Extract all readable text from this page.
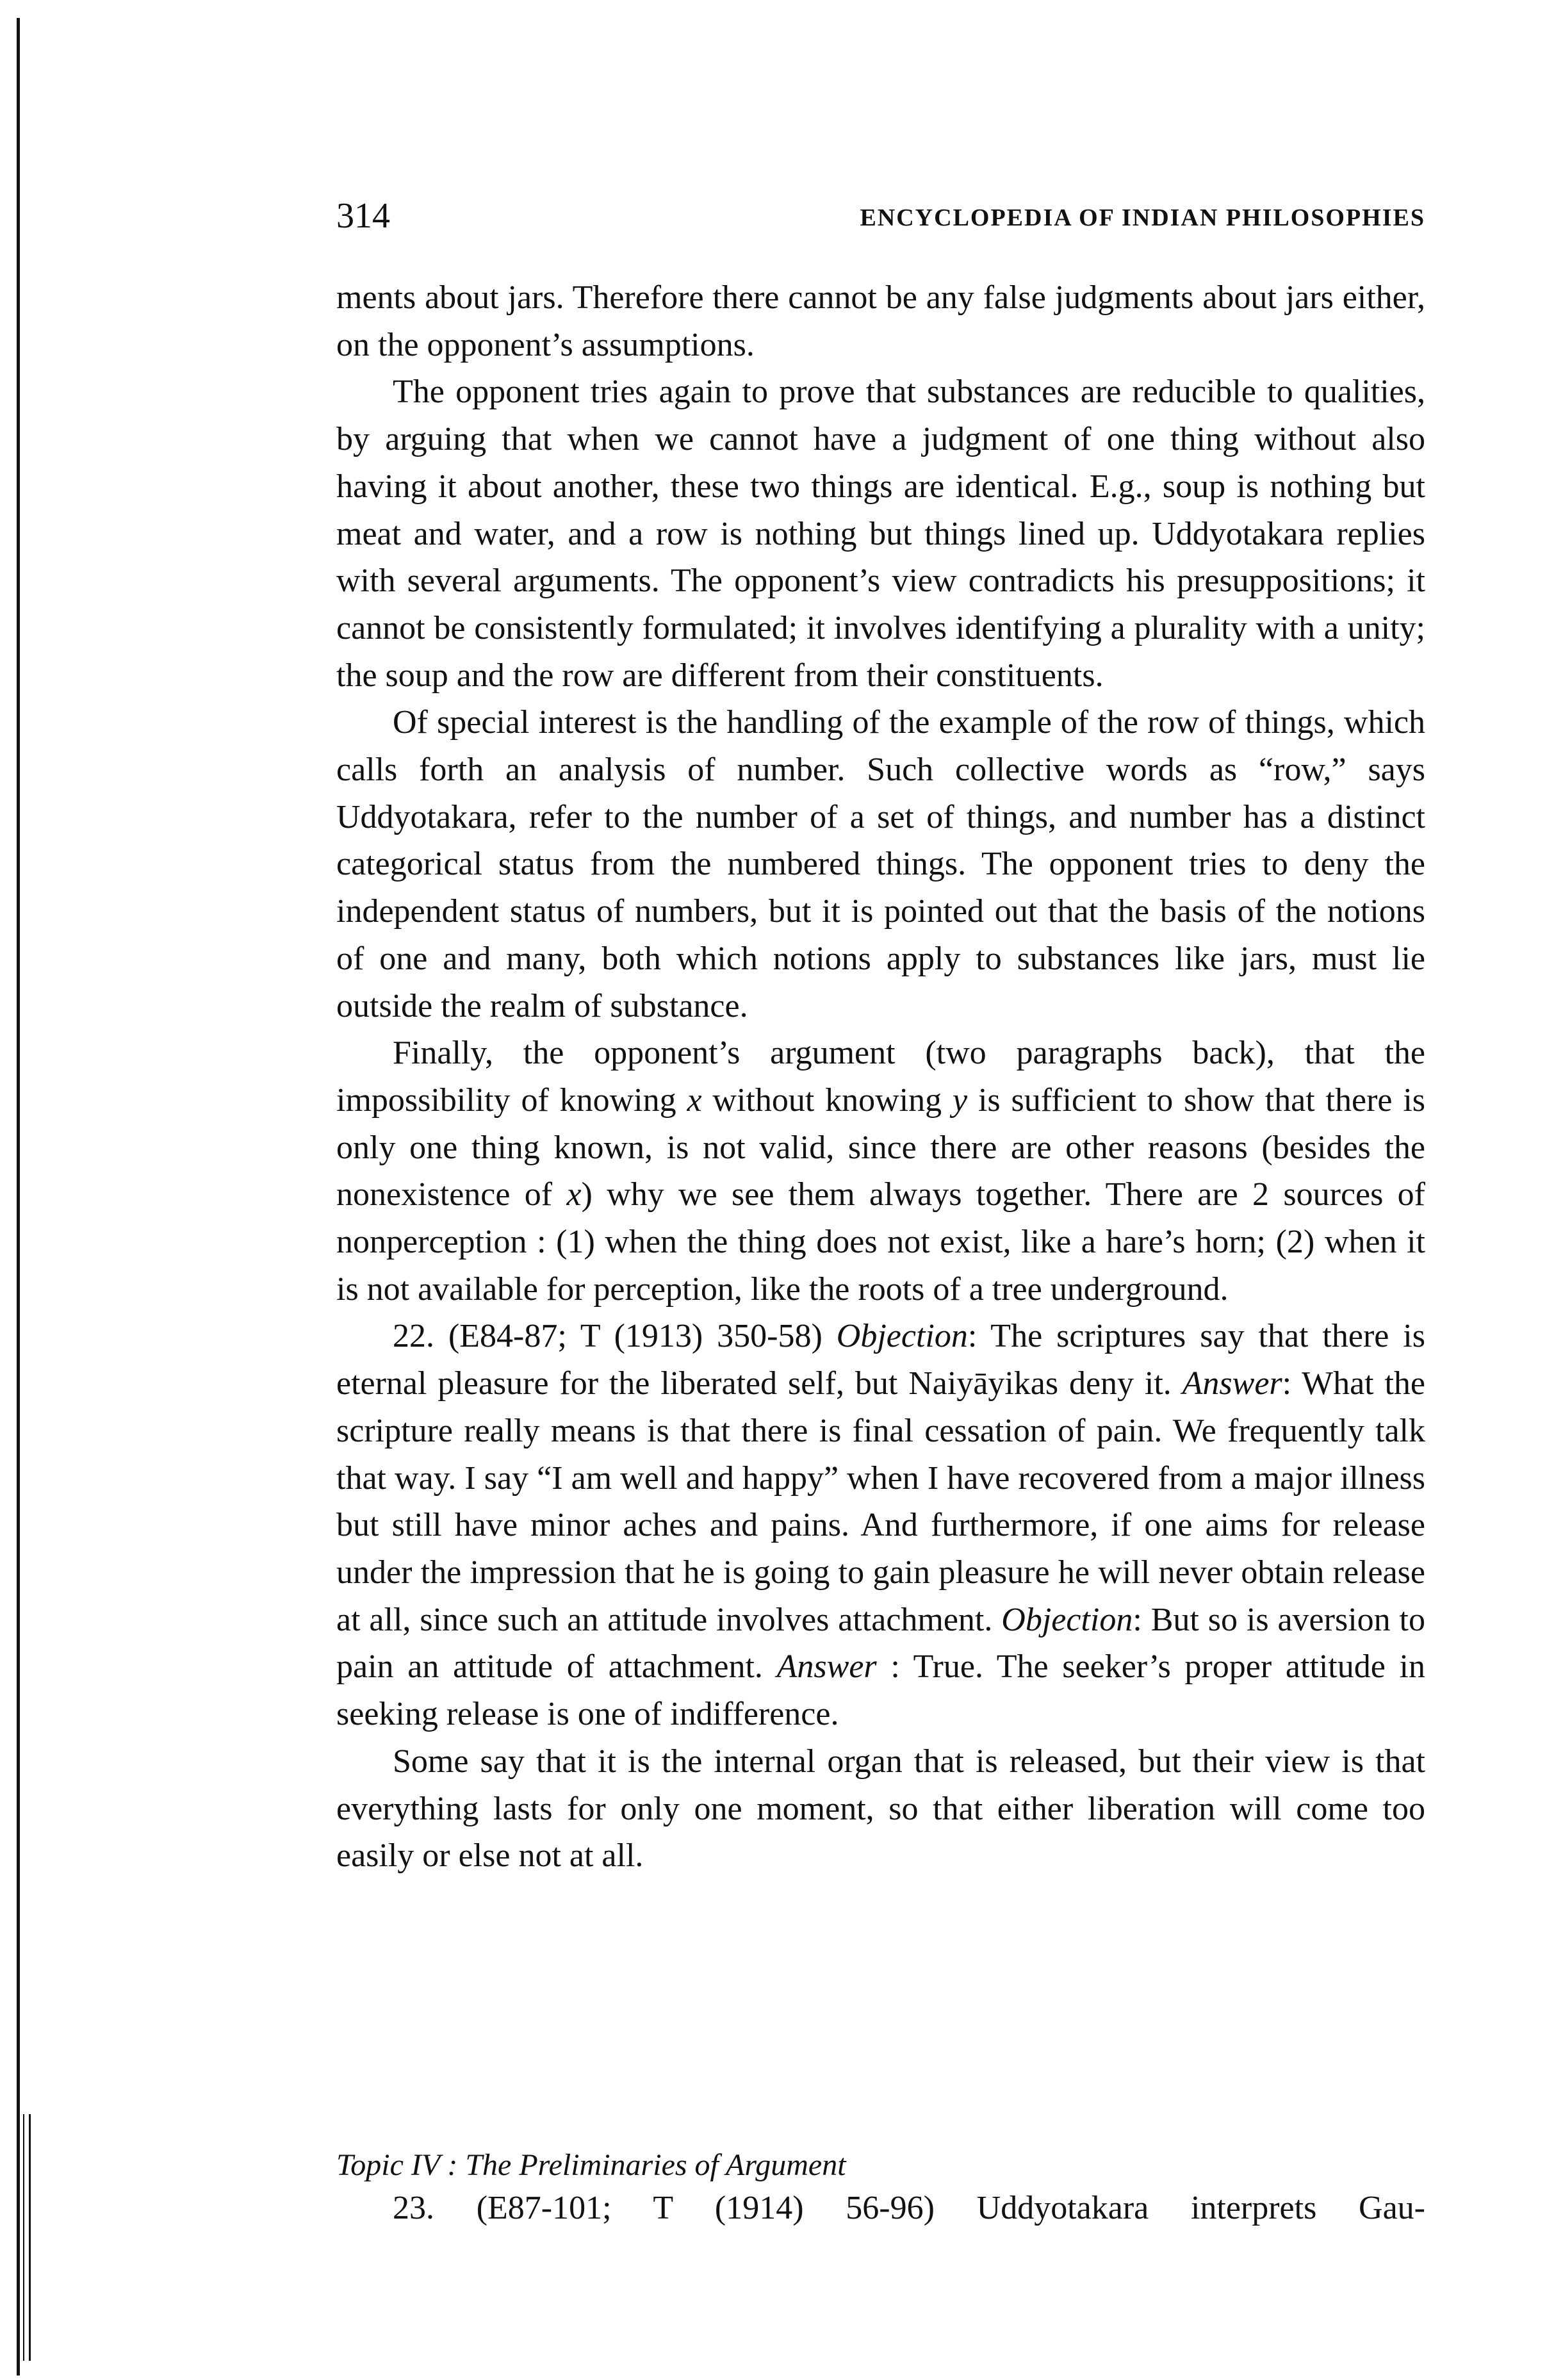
314	ENCYCLOPEDIA OF INDIAN PHILOSOPHIES

ments about jars. Therefore there cannot be any false judgments about jars either, on the opponent’s assumptions.

The opponent tries again to prove that substances are reducible to qualities, by arguing that when we cannot have a judgment of one thing without also having it about another, these two things are identical. E.g., soup is nothing but meat and water, and a row is nothing but things lined up. Uddyotakara replies with several arguments. The opponent’s view contradicts his presuppositions; it cannot be consistently formulated; it involves identifying a plurality with a unity; the soup and the row are different from their constituents.

Of special interest is the handling of the example of the row of things, which calls forth an analysis of number. Such collective words as “row,” says Uddyotakara, refer to the number of a set of things, and number has a distinct categorical status from the numbered things. The opponent tries to deny the independent status of numbers, but it is pointed out that the basis of the notions of one and many, both which notions apply to substances like jars, must lie outside the realm of substance.

Finally, the opponent’s argument (two paragraphs back), that the impossibility of knowing x without knowing y is sufficient to show that there is only one thing known, is not valid, since there are other reasons (besides the nonexistence of x) why we see them always together. There are 2 sources of nonperception : (1) when the thing does not exist, like a hare’s horn; (2) when it is not available for perception, like the roots of a tree underground.

22. (E84-87; T (1913) 350-58) Objection: The scriptures say that there is eternal pleasure for the liberated self, but Naiyāyikas deny it. Answer: What the scripture really means is that there is final cessation of pain. We frequently talk that way. I say “I am well and happy” when I have recovered from a major illness but still have minor aches and pains. And furthermore, if one aims for release under the impression that he is going to gain pleasure he will never obtain release at all, since such an attitude involves attachment. Objection: But so is aversion to pain an attitude of attachment. Answer : True. The seeker’s proper attitude in seeking release is one of indifference.

Some say that it is the internal organ that is released, but their view is that everything lasts for only one moment, so that either liberation will come too easily or else not at all.

Topic IV : The Preliminaries of Argument
23. (E87-101; T (1914) 56-96) Uddyotakara interprets Gau-
